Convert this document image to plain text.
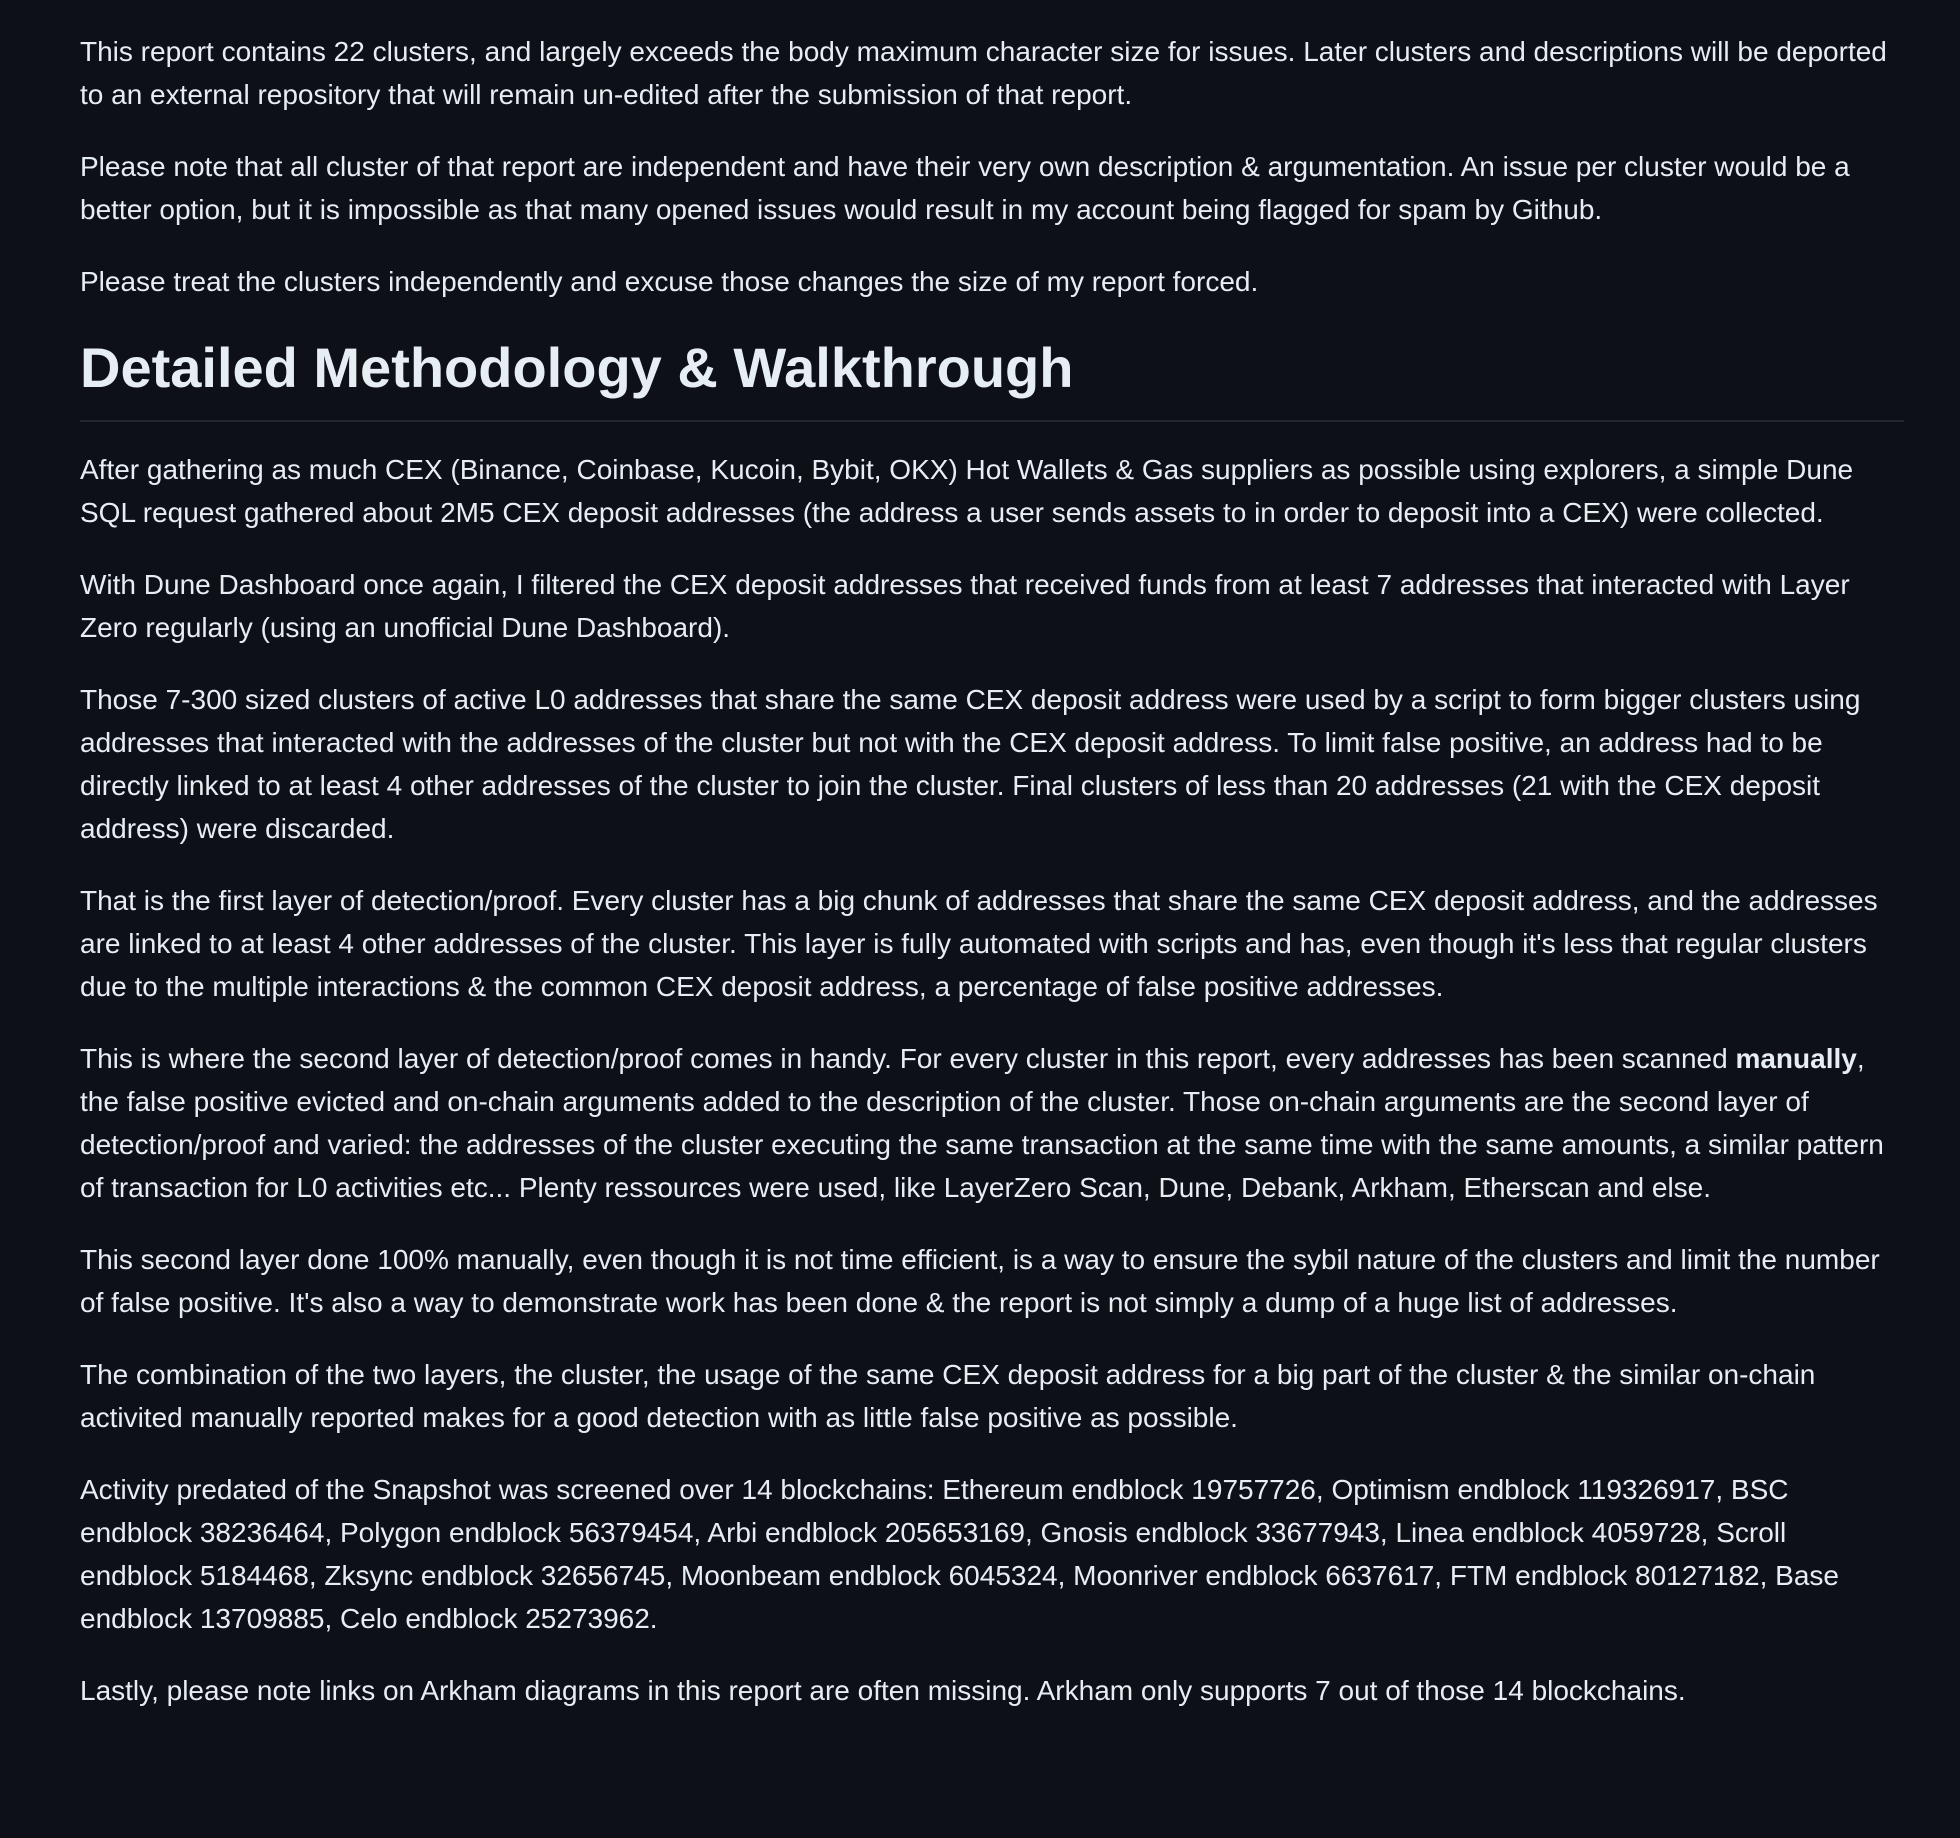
This report contains 22 clusters, and largely exceeds the body maximum character size for issues. Later clusters and descriptions will be deported to an external repository that will remain un-edited after the submission of that report.

Please note that all cluster of that report are independent and have their very own description & argumentation. An issue per cluster would be a better option, but it is impossible as that many opened issues would result in my account being flagged for spam by Github.

Please treat the clusters independently and excuse those changes the size of my report forced.

Detailed Methodology & Walkthrough

After gathering as much CEX (Binance, Coinbase, Kucoin, Bybit, OKX) Hot Wallets & Gas suppliers as possible using explorers, a simple Dune SQL request gathered about 2M5 CEX deposit addresses (the address a user sends assets to in order to deposit into a CEX) were collected.

With Dune Dashboard once again, I filtered the CEX deposit addresses that received funds from at least 7 addresses that interacted with Layer Zero regularly (using an unofficial Dune Dashboard).

Those 7-300 sized clusters of active L0 addresses that share the same CEX deposit address were used by a script to form bigger clusters using addresses that interacted with the addresses of the cluster but not with the CEX deposit address. To limit false positive, an address had to be directly linked to at least 4 other addresses of the cluster to join the cluster. Final clusters of less than 20 addresses (21 with the CEX deposit address) were discarded.

That is the first layer of detection/proof. Every cluster has a big chunk of addresses that share the same CEX deposit address, and the addresses are linked to at least 4 other addresses of the cluster. This layer is fully automated with scripts and has, even though it's less that regular clusters due to the multiple interactions & the common CEX deposit address, a percentage of false positive addresses.

This is where the second layer of detection/proof comes in handy. For every cluster in this report, every addresses has been scanned manually, the false positive evicted and on-chain arguments added to the description of the cluster. Those on-chain arguments are the second layer of detection/proof and varied: the addresses of the cluster executing the same transaction at the same time with the same amounts, a similar pattern of transaction for L0 activities etc... Plenty ressources were used, like LayerZero Scan, Dune, Debank, Arkham, Etherscan and else.

This second layer done 100% manually, even though it is not time efficient, is a way to ensure the sybil nature of the clusters and limit the number of false positive. It's also a way to demonstrate work has been done & the report is not simply a dump of a huge list of addresses.

The combination of the two layers, the cluster, the usage of the same CEX deposit address for a big part of the cluster & the similar on-chain activited manually reported makes for a good detection with as little false positive as possible.

Activity predated of the Snapshot was screened over 14 blockchains: Ethereum endblock 19757726, Optimism endblock 119326917, BSC endblock 38236464, Polygon endblock 56379454, Arbi endblock 205653169, Gnosis endblock 33677943, Linea endblock 4059728, Scroll endblock 5184468, Zksync endblock 32656745, Moonbeam endblock 6045324, Moonriver endblock 6637617, FTM endblock 80127182, Base endblock 13709885, Celo endblock 25273962.

Lastly, please note links on Arkham diagrams in this report are often missing. Arkham only supports 7 out of those 14 blockchains.
